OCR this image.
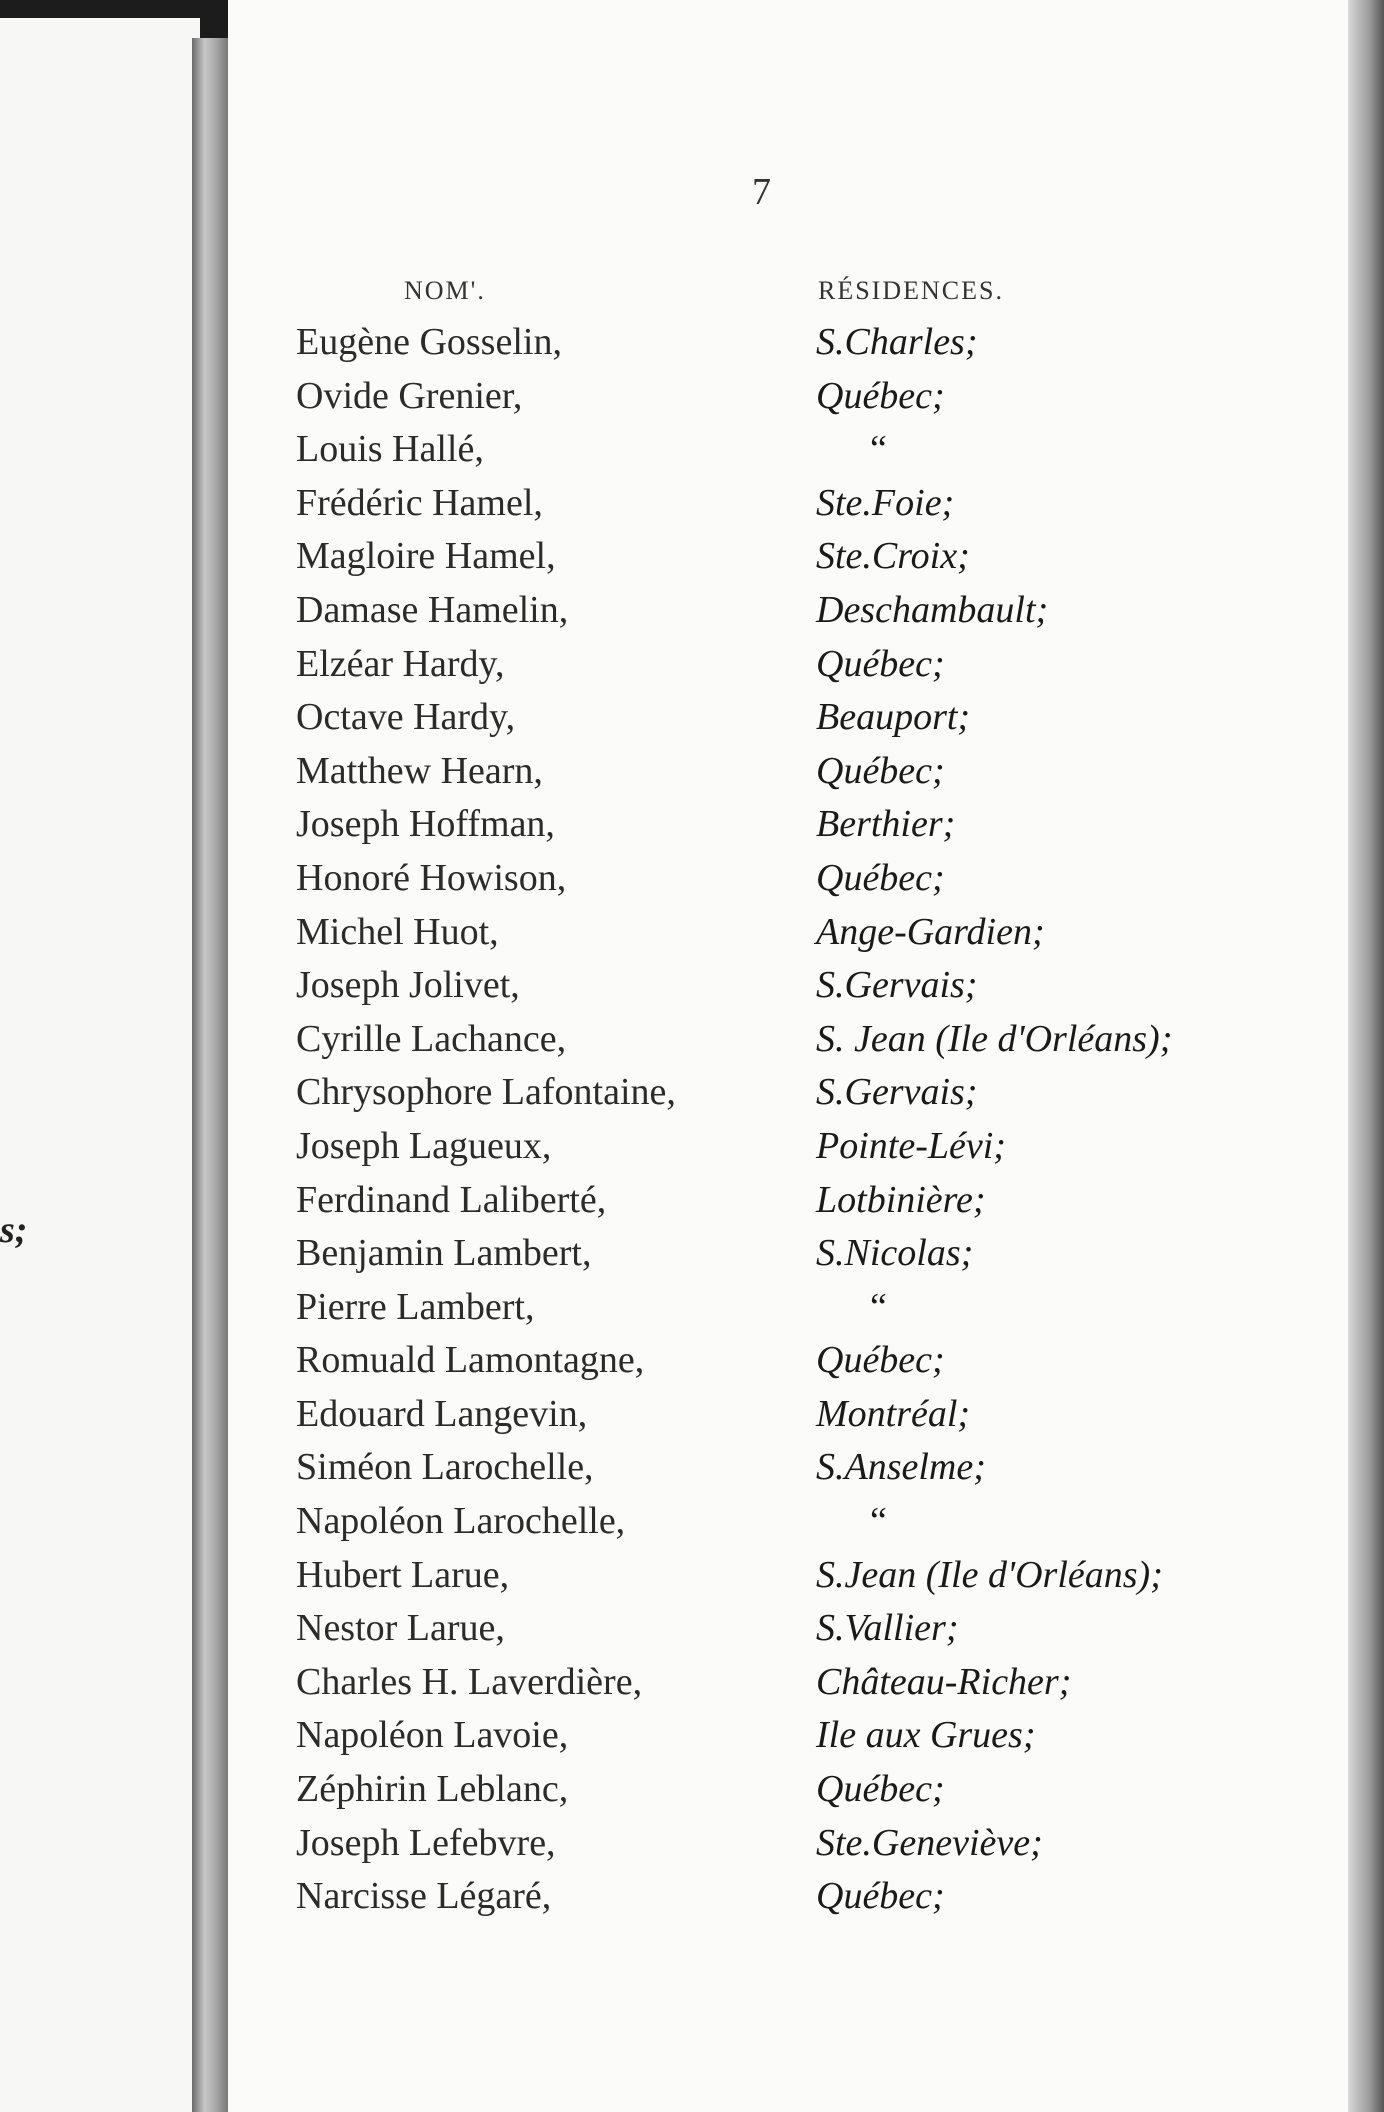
s;
7
NOM'.	RÉSIDENCES.
Eugène Gosselin,	S.Charles;
Ovide Grenier,	Québec;
Louis Hallé,	“
Frédéric Hamel,	Ste.Foie;
Magloire Hamel,	Ste.Croix;
Damase Hamelin,	Deschambault;
Elzéar Hardy,	Québec;
Octave Hardy,	Beauport;
Matthew Hearn,	Québec;
Joseph Hoffman,	Berthier;
Honoré Howison,	Québec;
Michel Huot,	Ange-Gardien;
Joseph Jolivet,	S.Gervais;
Cyrille Lachance,	S. Jean (Ile d'Orléans);
Chrysophore Lafontaine,	S.Gervais;
Joseph Lagueux,	Pointe-Lévi;
Ferdinand Laliberté,	Lotbinière;
Benjamin Lambert,	S.Nicolas;
Pierre Lambert,	“
Romuald Lamontagne,	Québec;
Edouard Langevin,	Montréal;
Siméon Larochelle,	S.Anselme;
Napoléon Larochelle,	“
Hubert Larue,	S.Jean (Ile d'Orléans);
Nestor Larue,	S.Vallier;
Charles H. Laverdière,	Château-Richer;
Napoléon Lavoie,	Ile aux Grues;
Zéphirin Leblanc,	Québec;
Joseph Lefebvre,	Ste.Geneviève;
Narcisse Légaré,	Québec;
